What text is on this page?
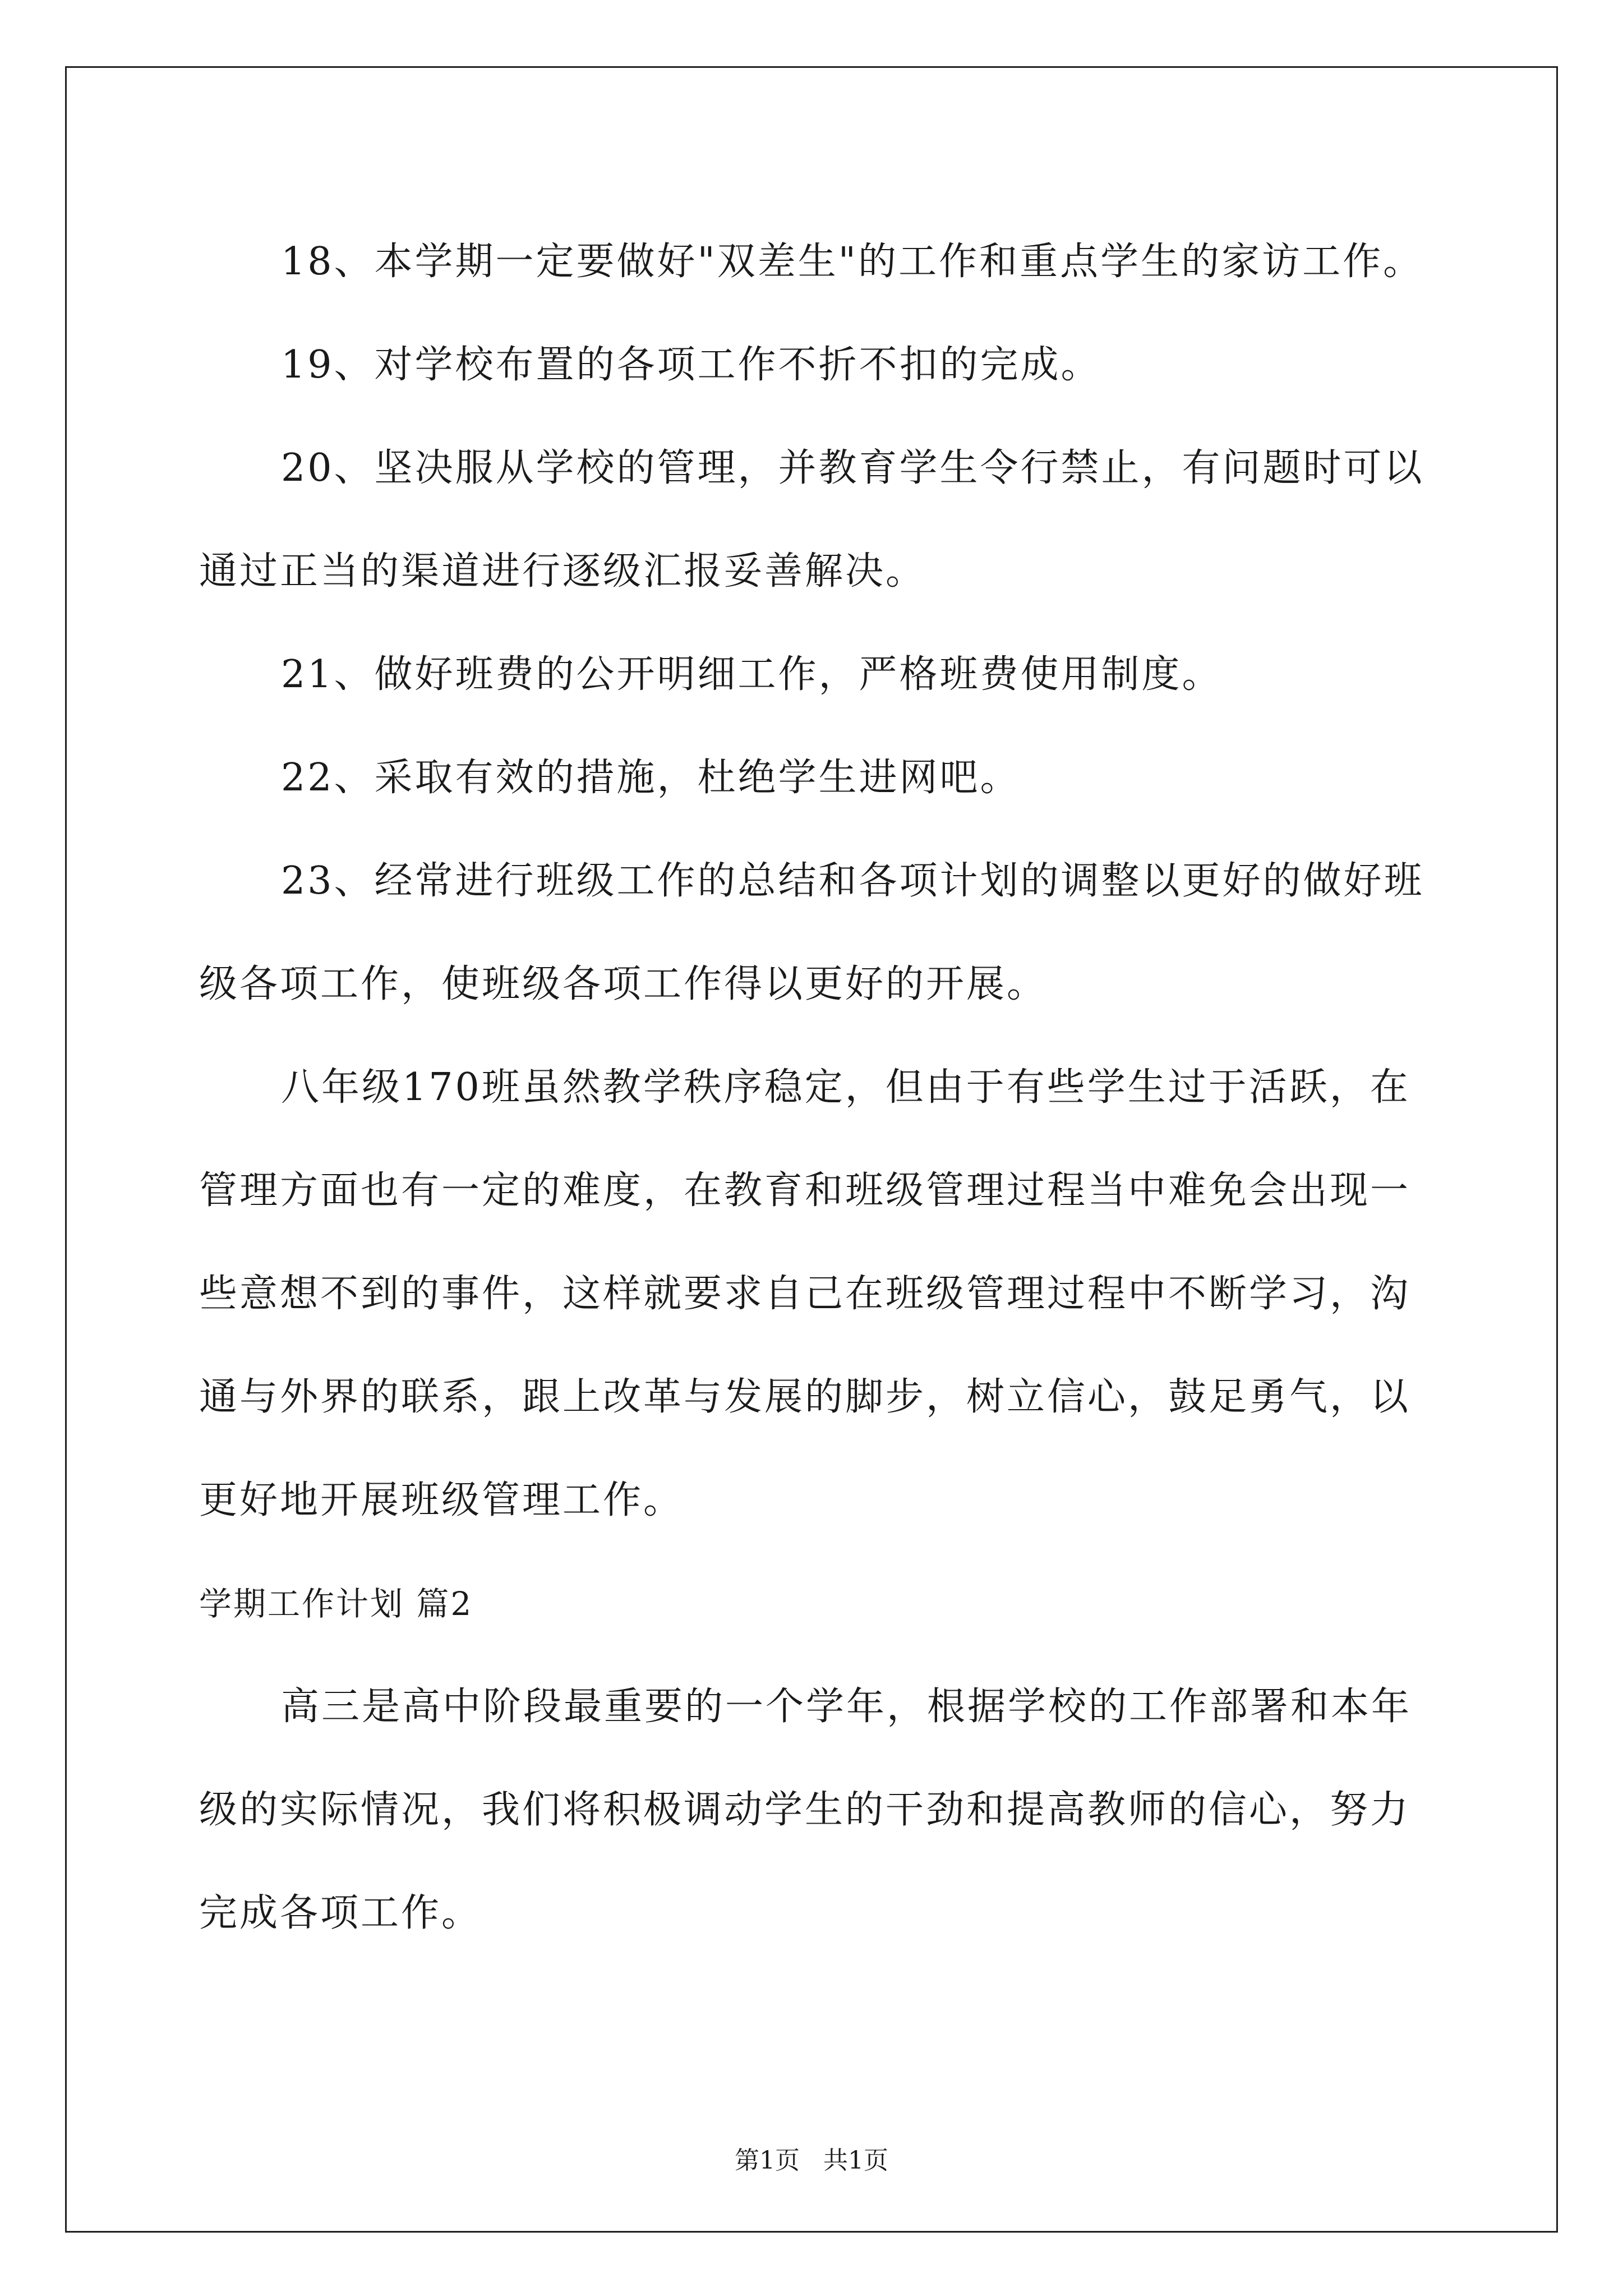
18、本学期一定要做好"双差生"的工作和重点学生的家访工作。

19、对学校布置的各项工作不折不扣的完成。

20、坚决服从学校的管理，并教育学生令行禁止，有问题时可以通过正当的渠道进行逐级汇报妥善解决。

21、做好班费的公开明细工作，严格班费使用制度。

22、采取有效的措施，杜绝学生进网吧。

23、经常进行班级工作的总结和各项计划的调整以更好的做好班级各项工作，使班级各项工作得以更好的开展。

八年级170班虽然教学秩序稳定，但由于有些学生过于活跃，在管理方面也有一定的难度，在教育和班级管理过程当中难免会出现一些意想不到的事件，这样就要求自己在班级管理过程中不断学习，沟通与外界的联系，跟上改革与发展的脚步，树立信心，鼓足勇气，以更好地开展班级管理工作。

学期工作计划 篇2

高三是高中阶段最重要的一个学年，根据学校的工作部署和本年级的实际情况，我们将积极调动学生的干劲和提高教师的信心，努力完成各项工作。

第1页 共1页
